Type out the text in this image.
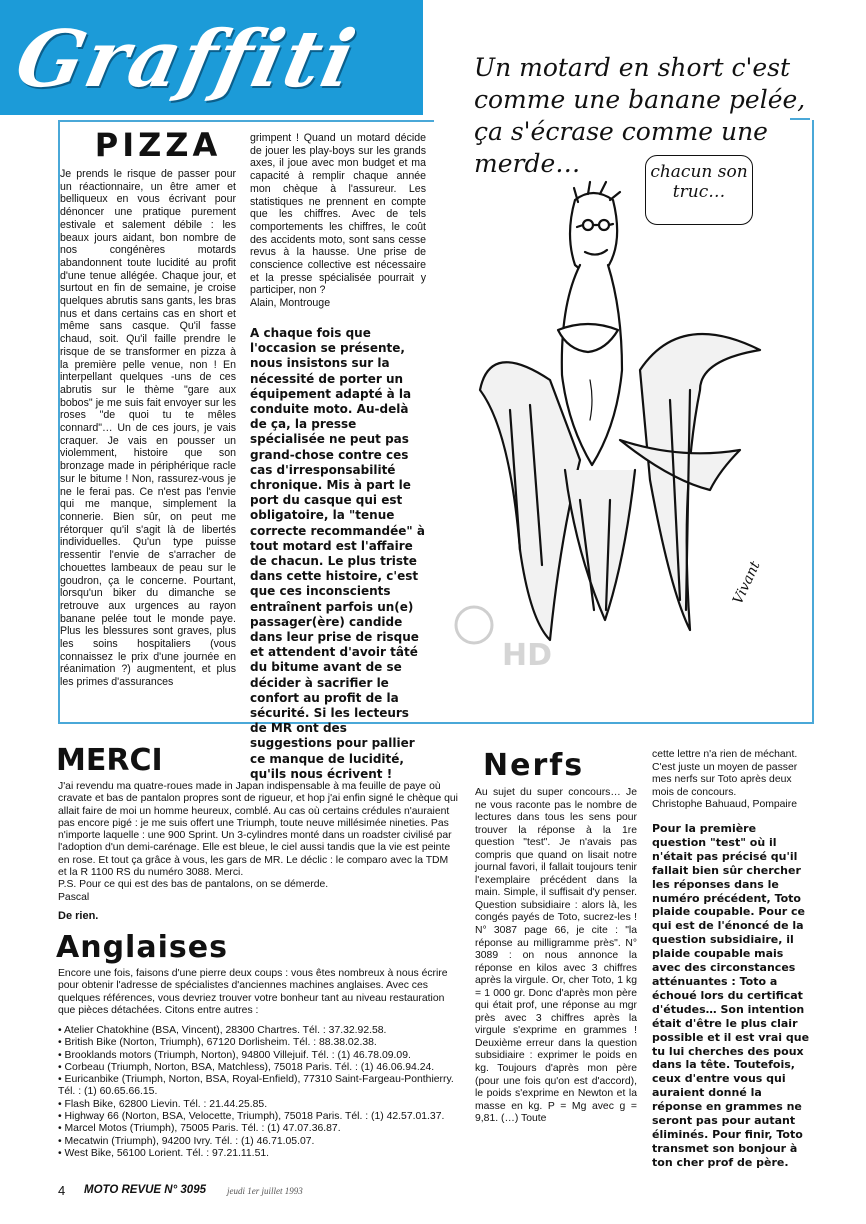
Graffiti	Un motard en short c'est comme une banane pelée, ça s'écrase comme une merde…
PIZZA
Je prends le risque de passer pour un réactionnaire, un être amer et belliqueux en vous écrivant pour dénoncer une pratique purement estivale et salement débile : les beaux jours aidant, bon nombre de nos congénères motards abandonnent toute lucidité au profit d'une tenue allégée. Chaque jour, et surtout en fin de semaine, je croise quelques abrutis sans gants, les bras nus et dans certains cas en short et même sans casque. Qu'il fasse chaud, soit. Qu'il faille prendre le risque de se transformer en pizza à la première pelle venue, non ! En interpellant quelques -uns de ces abrutis sur le thème "gare aux bobos" je me suis fait envoyer sur les roses "de quoi tu te mêles connard"… Un de ces jours, je vais craquer. Je vais en pousser un violemment, histoire que son bronzage made in périphérique racle sur le bitume ! Non, rassurez-vous je ne le ferai pas. Ce n'est pas l'envie qui me manque, simplement la connerie. Bien sûr, on peut me rétorquer qu'il s'agit là de libertés individuelles. Qu'un type puisse ressentir l'envie de s'arracher de chouettes lambeaux de peau sur le goudron, ça le concerne. Pourtant, lorsqu'un biker du dimanche se retrouve aux urgences au rayon banane pelée tout le monde paye. Plus les blessures sont graves, plus les soins hospitaliers (vous connaissez le prix d'une journée en réanimation ?) augmentent, et plus les primes d'assurances
grimpent ! Quand un motard décide de jouer les play-boys sur les grands axes, il joue avec mon budget et ma capacité à remplir chaque année mon chèque à l'assureur. Les statistiques ne prennent en compte que les chiffres. Avec de tels comportements les chiffres, le coût des accidents moto, sont sans cesse revus à la hausse. Une prise de conscience collective est nécessaire et la presse spécialisée pourrait y participer, non ?
Alain, Montrouge
A chaque fois que l'occasion se présente, nous insistons sur la nécessité de porter un équipement adapté à la conduite moto. Au-delà de ça, la presse spécialisée ne peut pas grand-chose contre ces cas d'irresponsabilité chronique. Mis à part le port du casque qui est obligatoire, la "tenue correcte recommandée" à tout motard est l'affaire de chacun. Le plus triste dans cette histoire, c'est que ces inconscients entraînent parfois un(e) passager(ère) candide dans leur prise de risque et attendent d'avoir tâté du bitume avant de se décider à sacrifier le confort au profit de la sécurité. Si les lecteurs de MR ont des suggestions pour pallier ce manque de lucidité, qu'ils nous écrivent !
chacun son truc…
Vivant
HD
MERCI
J'ai revendu ma quatre-roues made in Japan indispensable à ma feuille de paye où cravate et bas de pantalon propres sont de rigueur, et hop j'ai enfin signé le chèque qui allait faire de moi un homme heureux, comblé. Au cas où certains crédules n'auraient pas encore pigé : je me suis offert une Triumph, toute neuve millésimée nineties. Pas n'importe laquelle : une 900 Sprint. Un 3-cylindres monté dans un roadster civilisé par l'adoption d'un demi-carénage. Elle est bleue, le ciel aussi tandis que la vie est peinte en rose. Et tout ça grâce à vous, les gars de MR. Le déclic : le comparo avec la TDM et la R 1100 RS du numéro 3088. Merci.
P.S. Pour ce qui est des bas de pantalons, on se démerde.
Pascal
De rien.
Anglaises
Encore une fois, faisons d'une pierre deux coups : vous êtes nombreux à nous écrire pour obtenir l'adresse de spécialistes d'anciennes machines anglaises. Avec ces quelques références, vous devriez trouver votre bonheur tant au niveau restauration que pièces détachées. Citons entre autres :
• Atelier Chatokhine (BSA, Vincent), 28300 Chartres. Tél. : 37.32.92.58.
• British Bike (Norton, Triumph), 67120 Dorlisheim. Tél. : 88.38.02.38.
• Brooklands motors (Triumph, Norton), 94800 Villejuif. Tél. : (1) 46.78.09.09.
• Corbeau (Triumph, Norton, BSA, Matchless), 75018 Paris. Tél. : (1) 46.06.94.24.
• Euricanbike (Triumph, Norton, BSA, Royal-Enfield), 77310 Saint-Fargeau-Ponthierry. Tél. : (1) 60.65.66.15.
• Flash Bike, 62800 Lievin. Tél. : 21.44.25.85.
• Highway 66 (Norton, BSA, Velocette, Triumph), 75018 Paris. Tél. : (1) 42.57.01.37.
• Marcel Motos (Triumph), 75005 Paris. Tél. : (1) 47.07.36.87.
• Mecatwin (Triumph), 94200 Ivry. Tél. : (1) 46.71.05.07.
• West Bike, 56100 Lorient. Tél. : 97.21.11.51.
Nerfs
Au sujet du super concours… Je ne vous raconte pas le nombre de lectures dans tous les sens pour trouver la réponse à la 1re question "test". Je n'avais pas compris que quand on lisait notre journal favori, il fallait toujours tenir l'exemplaire précédent dans la main. Simple, il suffisait d'y penser. Question subsidiaire : alors là, les congés payés de Toto, sucrez-les ! N° 3087 page 66, je cite : "la réponse au milligramme près". N° 3089 : on nous annonce la réponse en kilos avec 3 chiffres après la virgule. Or, cher Toto, 1 kg = 1 000 gr. Donc d'après mon père qui était prof, une réponse au mgr près avec 3 chiffres après la virgule s'exprime en grammes ! Deuxième erreur dans la question subsidiaire : exprimer le poids en kg. Toujours d'après mon père (pour une fois qu'on est d'accord), le poids s'exprime en Newton et la masse en kg. P = Mg avec g = 9,81. (…) Toute
cette lettre n'a rien de méchant. C'est juste un moyen de passer mes nerfs sur Toto après deux mois de concours.
Christophe Bahuaud, Pompaire
Pour la première question "test" où il n'était pas précisé qu'il fallait bien sûr chercher les réponses dans le numéro précédent, Toto plaide coupable. Pour ce qui est de l'énoncé de la question subsidiaire, il plaide coupable mais avec des circonstances atténuantes : Toto a échoué lors du certificat d'études… Son intention était d'être le plus clair possible et il est vrai que tu lui cherches des poux dans la tête. Toutefois, ceux d'entre vous qui auraient donné la réponse en grammes ne seront pas pour autant éliminés. Pour finir, Toto transmet son bonjour à ton cher prof de père.
4 MOTO REVUE N° 3095 jeudi 1er juillet 1993
